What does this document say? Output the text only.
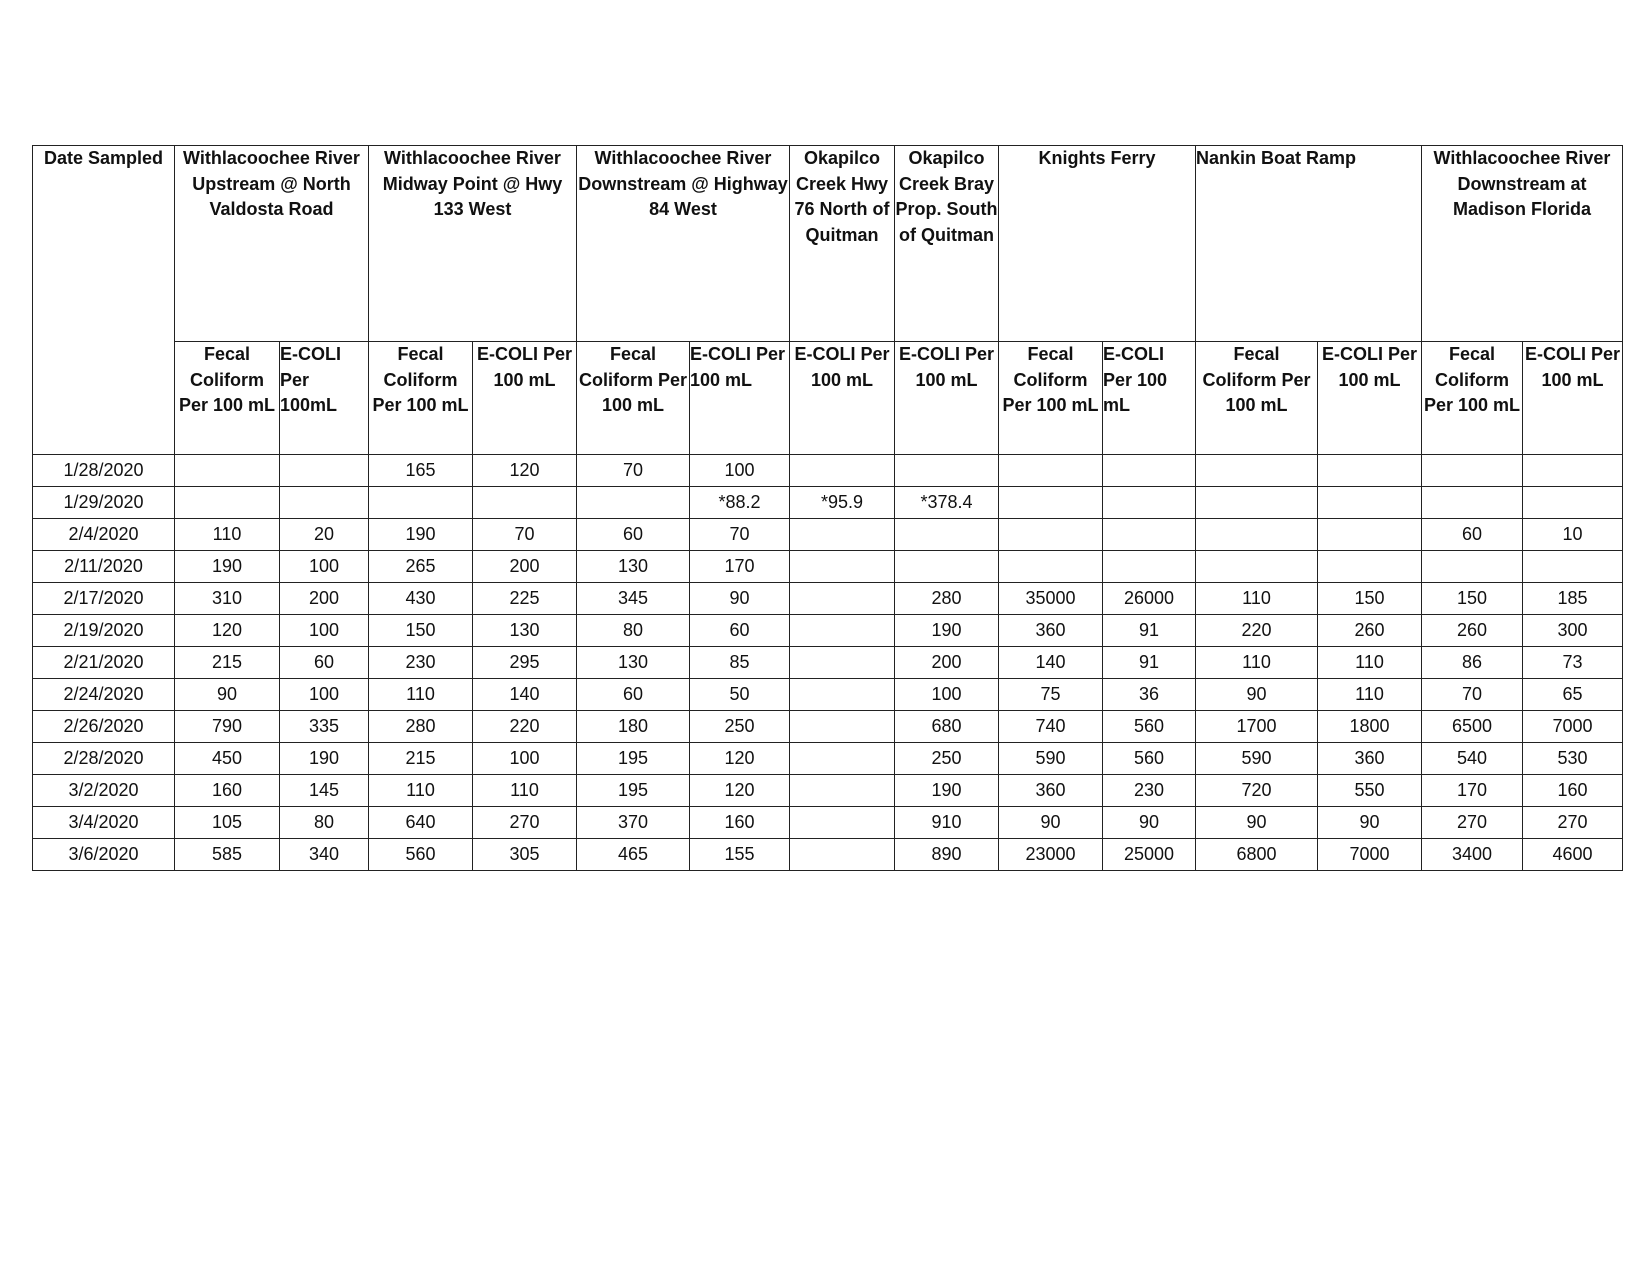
Date Sampled	Withlacoochee River Upstream @ North Valdosta Road		Withlacoochee River Midway Point @ Hwy 133 West		Withlacoochee River Downstream @ Highway 84 West		Okapilco Creek Hwy 76 North of Quitman	Okapilco Creek Bray Prop. South of Quitman	Knights Ferry		Nankin Boat Ramp		Withlacoochee River Downstream at Madison Florida	
	Fecal Coliform Per 100 mL	E-COLI Per 100mL	Fecal Coliform Per 100 mL	E-COLI Per 100 mL	Fecal Coliform Per 100 mL	E-COLI Per 100 mL	E-COLI Per 100 mL	E-COLI Per 100 mL	Fecal Coliform Per 100 mL	E-COLI Per 100 mL	Fecal Coliform Per 100 mL	E-COLI Per 100 mL	Fecal Coliform Per 100 mL	E-COLI Per 100 mL
1/28/2020			165	120	70	100								
1/29/2020						*88.2	*95.9	*378.4						
2/4/2020	110	20	190	70	60	70							60	10
2/11/2020	190	100	265	200	130	170								
2/17/2020	310	200	430	225	345	90		280	35000	26000	110	150	150	185
2/19/2020	120	100	150	130	80	60		190	360	91	220	260	260	300
2/21/2020	215	60	230	295	130	85		200	140	91	110	110	86	73
2/24/2020	90	100	110	140	60	50		100	75	36	90	110	70	65
2/26/2020	790	335	280	220	180	250		680	740	560	1700	1800	6500	7000
2/28/2020	450	190	215	100	195	120		250	590	560	590	360	540	530
3/2/2020	160	145	110	110	195	120		190	360	230	720	550	170	160
3/4/2020	105	80	640	270	370	160		910	90	90	90	90	270	270
3/6/2020	585	340	560	305	465	155		890	23000	25000	6800	7000	3400	4600
